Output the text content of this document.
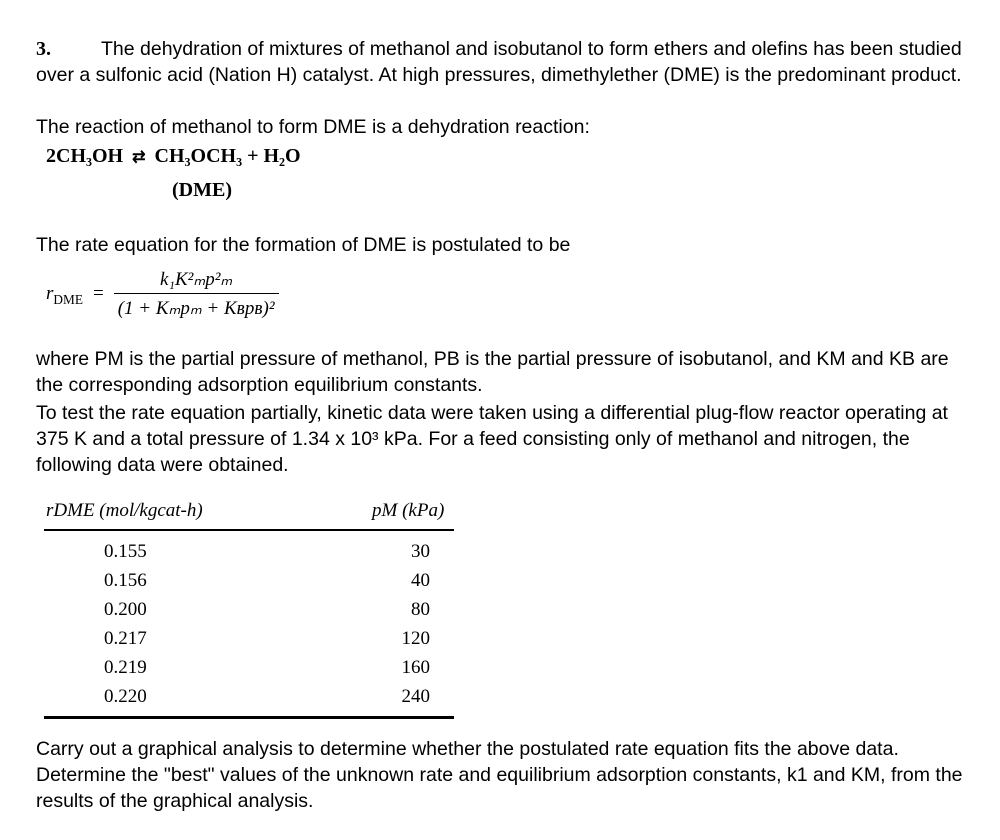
3.	The dehydration of mixtures of methanol and isobutanol to form ethers and olefins has been studied over a sulfonic acid (Nation H) catalyst. At high pressures, dimethylether (DME) is the predominant product.
The reaction of methanol to form DME is a dehydration reaction:
2CH₃OH ⇄ CH₃OCH₃ + H₂O
(DME)
The rate equation for the formation of DME is postulated to be
$r_{DME} = \frac{\text{k₁K²ₘp²ₘ}}{\text{(1 + Kₘpₘ + Kʙpʙ)²}}$
where PM is the partial pressure of methanol, PB is the partial pressure of isobutanol, and KM and KB are the corresponding adsorption equilibrium constants.
To test the rate equation partially, kinetic data were taken using a differential plug-flow reactor operating at 375 K and a total pressure of 1.34 x 10³ kPa. For a feed consisting only of methanol and nitrogen, the following data were obtained.
rDME (mol/kgcat-h)	pM (kPa)
0.155
0.156
0.200
0.217
0.219
0.220
30
40
80
120
160
240
Carry out a graphical analysis to determine whether the postulated rate equation fits the above data. Determine the "best" values of the unknown rate and equilibrium adsorption constants, k1 and KM, from the results of the graphical analysis.
